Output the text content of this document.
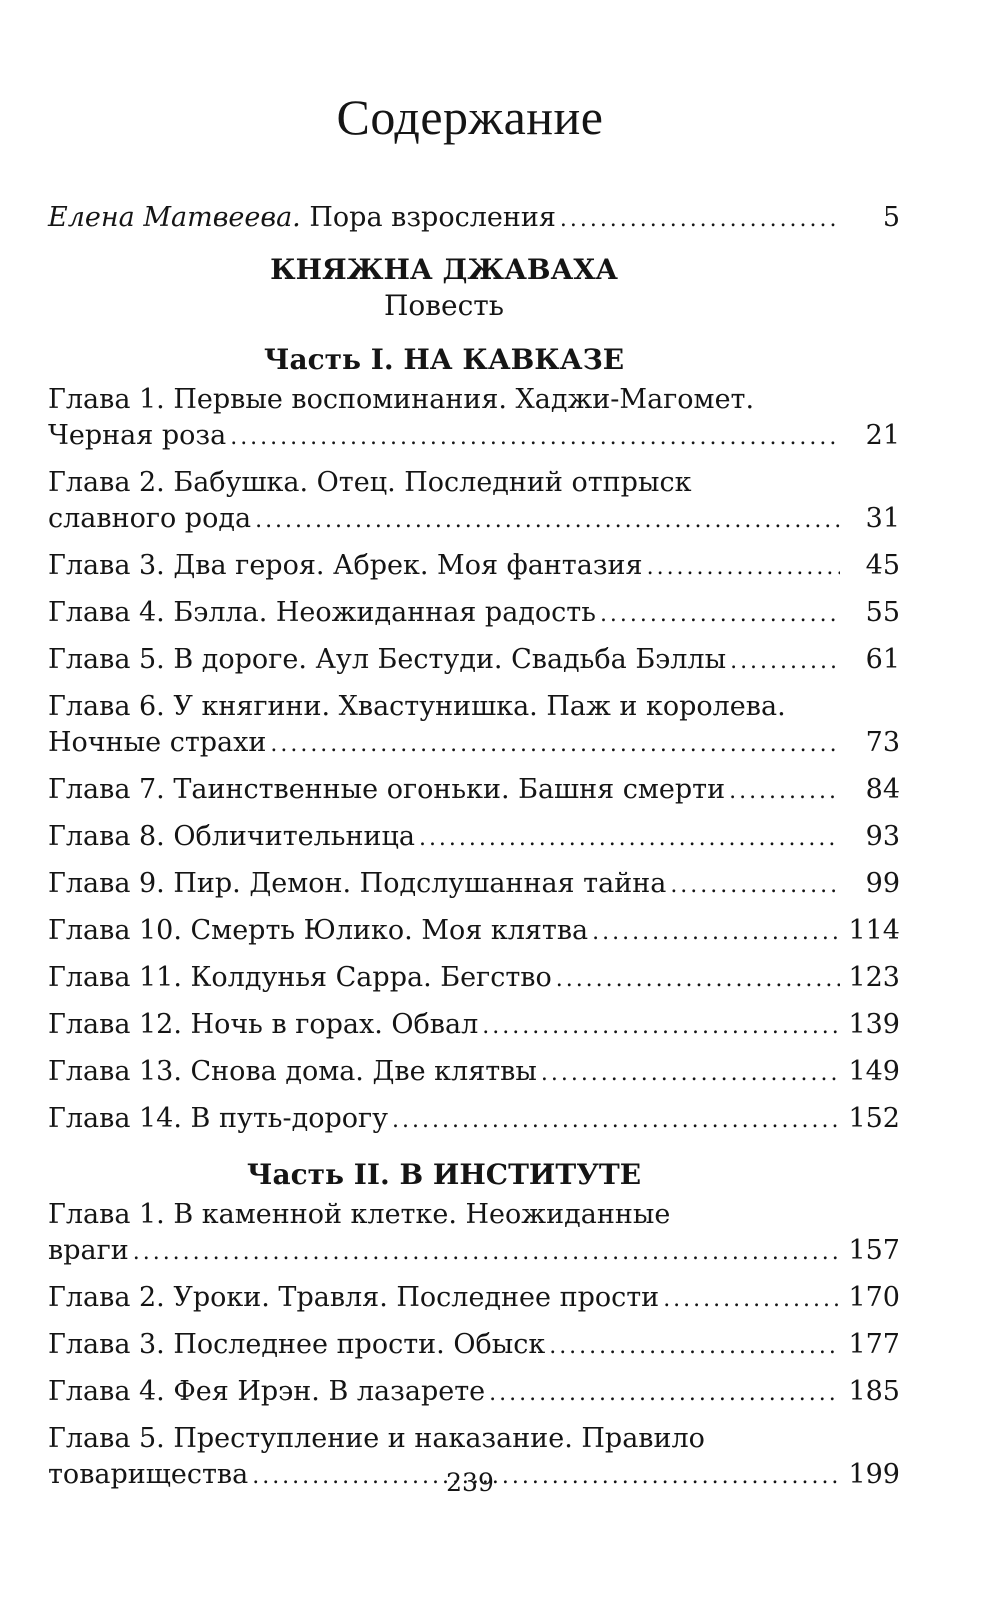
Содержание
Елена Матвеева. Пора взросления . . .	5
КНЯЖНА ДЖАВАХА
Повесть
Часть I. НА КАВКАЗЕ
Глава 1. Первые воспоминания. Хаджи-Магомет.
Черная роза . . .	21
Глава 2. Бабушка. Отец. Последний отпрыск
славного рода . . .	31
Глава 3. Два героя. Абрек. Моя фантазия . . .	45
Глава 4. Бэлла. Неожиданная радость . . .	55
Глава 5. В дороге. Аул Бестуди. Свадьба Бэллы . . .	61
Глава 6. У княгини. Хвастунишка. Паж и королева.
Ночные страхи . . .	73
Глава 7. Таинственные огоньки. Башня смерти . . .	84
Глава 8. Обличительница . . .	93
Глава 9. Пир. Демон. Подслушанная тайна . . .	99
Глава 10. Смерть Юлико. Моя клятва . . .	114
Глава 11. Колдунья Сарра. Бегство . . .	123
Глава 12. Ночь в горах. Обвал . . .	139
Глава 13. Снова дома. Две клятвы . . .	149
Глава 14. В путь-дорогу . . .	152
Часть II. В ИНСТИТУТЕ
Глава 1. В каменной клетке. Неожиданные
враги . . .	157
Глава 2. Уроки. Травля. Последнее прости . . .	170
Глава 3. Последнее прости. Обыск . . .	177
Глава 4. Фея Ирэн. В лазарете . . .	185
Глава 5. Преступление и наказание. Правило
товарищества . . .	199
239
